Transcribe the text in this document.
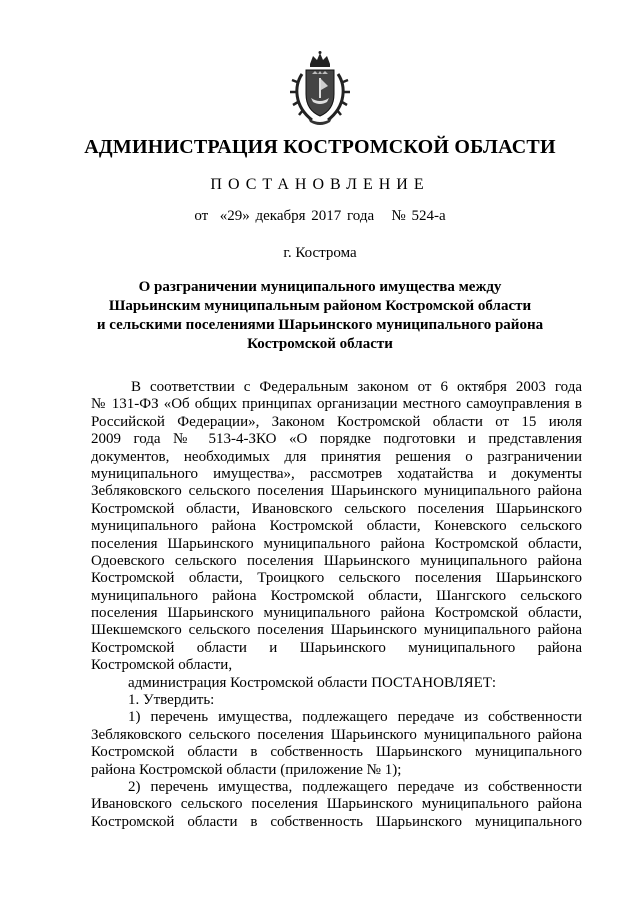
АДМИНИСТРАЦИЯ КОСТРОМСКОЙ ОБЛАСТИ
ПОСТАНОВЛЕНИЕ
от  «29» декабря 2017 года   № 524-а
г. Кострома
О разграничении муниципального имущества между
Шарьинским муниципальным районом Костромской области
и сельскими поселениями Шарьинского муниципального района
Костромской области
В соответствии с Федеральным законом от 6 октября 2003 года
№ 131-ФЗ «Об общих принципах организации местного самоуправления в
Российской Федерации», Законом Костромской области от 15 июля
2009 года № 513-4-ЗКО «О порядке подготовки и представления
документов, необходимых для принятия решения о разграничении
муниципального имущества», рассмотрев ходатайства и документы
Зебляковского сельского поселения Шарьинского муниципального района
Костромской области, Ивановского сельского поселения Шарьинского
муниципального района Костромской области, Коневского сельского
поселения Шарьинского муниципального района Костромской области,
Одоевского сельского поселения Шарьинского муниципального района
Костромской области, Троицкого сельского поселения Шарьинского
муниципального района Костромской области, Шангского сельского
поселения Шарьинского муниципального района Костромской области,
Шекшемского сельского поселения Шарьинского муниципального района
Костромской области и Шарьинского муниципального района
Костромской области,
администрация Костромской области ПОСТАНОВЛЯЕТ:
1. Утвердить:
1) перечень имущества, подлежащего передаче из собственности
Зебляковского сельского поселения Шарьинского муниципального района
Костромской области в собственность Шарьинского муниципального
района Костромской области (приложение № 1);
2) перечень имущества, подлежащего передаче из собственности
Ивановского сельского поселения Шарьинского муниципального района
Костромской области в собственность Шарьинского муниципального
